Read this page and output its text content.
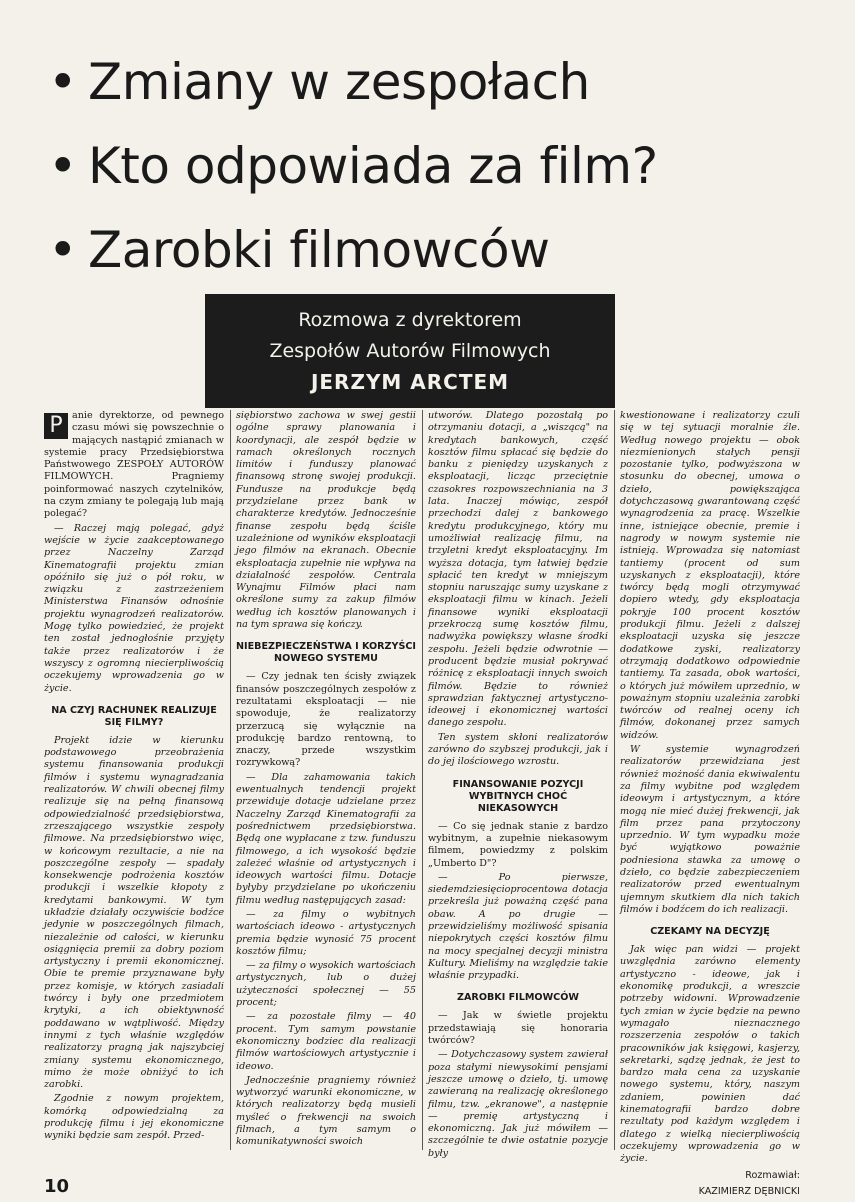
• Zmiany w zespołach
• Kto odpowiada za film?
• Zarobki filmowców
Rozmowa z dyrektorem
Zespołów Autorów Filmowych
JERZYM ARCTEM
P anie dyrektorze, od pewnego czasu mówi się powszechnie o mających nastąpić zmianach w systemie pracy Przedsiębiorstwa Państwowego ZESPOŁY AUTORÓW FILMOWYCH. Pragniemy poinformować naszych czytelników, na czym zmiany te polegają lub mają polegać?

— Raczej mają polegać, gdyż wejście w życie zaakceptowanego przez Naczelny Zarząd Kinematografii projektu zmian opóźniło się już o pół roku, w związku z zastrzeżeniem Ministerstwa Finansów odnośnie projektu wynagrodzeń realizatorów. Mogę tylko powiedzieć, że projekt ten został jednogłośnie przyjęty także przez realizatorów i że wszyscy z ogromną niecierpliwością oczekujemy wprowadzenia go w życie.

NA CZYJ RACHUNEK REALIZUJE SIĘ FILMY?

Projekt idzie w kierunku podstawowego przeobrażenia systemu finansowania produkcji filmów i systemu wynagradzania realizatorów. W chwili obecnej filmy realizuje się na pełną finansową odpowiedzialność przedsiębiorstwa, zrzeszającego wszystkie zespoły filmowe. Na przedsiębiorstwo więc, w końcowym rezultacie, a nie na poszczególne zespoły — spadały konsekwencje podrożenia kosztów produkcji i wszelkie kłopoty z kredytami bankowymi. W tym układzie działały oczywiście bodźce jedynie w poszczególnych filmach, niezależnie od całości, w kierunku osiągnięcia premii za dobry poziom artystyczny i premii ekonomicznej. Obie te premie przyznawane były przez komisje, w których zasiadali twórcy i były one przedmiotem krytyki, a ich obiektywność poddawano w wątpliwość. Między innymi z tych właśnie względów realizatorzy pragną jak najszybciej zmiany systemu ekonomicznego, mimo że może obniżyć to ich zarobki.

Zgodnie z nowym projektem, komórką odpowiedzialną za produkcję filmu i jej ekonomiczne wyniki będzie sam zespół. Przed-

siębiorstwo zachowa w swej gestii ogólne sprawy planowania i koordynacji, ale zespół będzie w ramach określonych rocznych limitów i funduszy planować finansową stronę swojej produkcji. Fundusze na produkcje będą przydzielane przez bank w charakterze kredytów. Jednocześnie finanse zespołu będą ściśle uzależnione od wyników eksploatacji jego filmów na ekranach. Obecnie eksploatacja zupełnie nie wpływa na działalność zespołów. Centrala Wynajmu Filmów płaci nam określone sumy za zakup filmów według ich kosztów planowanych i na tym sprawa się kończy.

NIEBEZPIECZEŃSTWA I KORZYŚCI NOWEGO SYSTEMU

— Czy jednak ten ścisły związek finansów poszczególnych zespołów z rezultatami eksploatacji — nie spowoduje, że realizatorzy przerzucą się wyłącznie na produkcję bardzo rentowną, to znaczy, przede wszystkim rozrywkową?

— Dla zahamowania takich ewentualnych tendencji projekt przewiduje dotacje udzielane przez Naczelny Zarząd Kinematografii za pośrednictwem przedsiębiorstwa. Będą one wypłacane z tzw. funduszu filmowego, a ich wysokość będzie zależeć właśnie od artystycznych i ideowych wartości filmu. Dotacje byłyby przydzielane po ukończeniu filmu według następujących zasad:

— za filmy o wybitnych wartościach ideowo - artystycznych premia będzie wynosić 75 procent kosztów filmu;

— za filmy o wysokich wartościach artystycznych, lub o dużej użyteczności społecznej — 55 procent;

— za pozostałe filmy — 40 procent. Tym samym powstanie ekonomiczny bodziec dla realizacji filmów wartościowych artystycznie i ideowo.

Jednocześnie pragniemy również wytworzyć warunki ekonomiczne, w których realizatorzy będą musieli myśleć o frekwencji na swoich filmach, a tym samym o komunikatywności swoich

utworów. Dlatego pozostałą po otrzymaniu dotacji, a „wiszącą" na kredytach bankowych, część kosztów filmu spłacać się będzie do banku z pieniędzy uzyskanych z eksploatacji, licząc przeciętnie czasokres rozpowszechniania na 3 lata. Inaczej mówiąc, zespół przechodzi dalej z bankowego kredytu produkcyjnego, który mu umożliwiał realizację filmu, na trzyletni kredyt eksploatacyjny. Im wyższa dotacja, tym łatwiej będzie spłacić ten kredyt w mniejszym stopniu naruszając sumy uzyskane z eksploatacji filmu w kinach. Jeżeli finansowe wyniki eksploatacji przekroczą sumę kosztów filmu, nadwyżka powiększy własne środki zespołu. Jeżeli będzie odwrotnie — producent będzie musiał pokrywać różnicę z eksploatacji innych swoich filmów. Będzie to również sprawdzian faktycznej artystyczno-ideowej i ekonomicznej wartości danego zespołu.

Ten system skłoni realizatorów zarówno do szybszej produkcji, jak i do jej ilościowego wzrostu.

FINANSOWANIE POZYCJI WYBITNYCH CHOĆ NIEKASOWYCH

— Co się jednak stanie z bardzo wybitnym, a zupełnie niekasowym filmem, powiedzmy z polskim „Umberto D"?

— Po pierwsze, siedemdziesięcioprocentowa dotacja przekreśla już poważną część pana obaw. A po drugie — przewidzieliśmy możliwość spisania niepokrytych części kosztów filmu na mocy specjalnej decyzji ministra Kultury. Mieliśmy na względzie takie właśnie przypadki.

ZAROBKI FILMOWCÓW

— Jak w świetle projektu przedstawiają się honoraria twórców?

— Dotychczasowy system zawierał poza stałymi niewysokimi pensjami jeszcze umowę o dzieło, tj. umowę zawieraną na realizację określonego filmu, tzw. „ekranowe", a następnie — premię artystyczną i ekonomiczną. Jak już mówiłem — szczególnie te dwie ostatnie pozycje były

kwestionowane i realizatorzy czuli się w tej sytuacji moralnie źle. Według nowego projektu — obok niezmienionych stałych pensji pozostanie tylko, podwyższona w stosunku do obecnej, umowa o dzieło, powiększająca dotychczasową gwarantowaną część wynagrodzenia za pracę. Wszelkie inne, istniejące obecnie, premie i nagrody w nowym systemie nie istnieją. Wprowadza się natomiast tantiemy (procent od sum uzyskanych z eksploatacji), które twórcy będą mogli otrzymywać dopiero wtedy, gdy eksploatacja pokryje 100 procent kosztów produkcji filmu. Jeżeli z dalszej eksploatacji uzyska się jeszcze dodatkowe zyski, realizatorzy otrzymają dodatkowo odpowiednie tantiemy. Ta zasada, obok wartości, o których już mówiłem uprzednio, w poważnym stopniu uzależnia zarobki twórców od realnej oceny ich filmów, dokonanej przez samych widzów.

W systemie wynagrodzeń realizatorów przewidziana jest również możność dania ekwiwalentu za filmy wybitne pod względem ideowym i artystycznym, a które mogą nie mieć dużej frekwencji, jak film przez pana przytoczony uprzednio. W tym wypadku może być wyjątkowo poważnie podniesiona stawka za umowę o dzieło, co będzie zabezpieczeniem realizatorów przed ewentualnym ujemnym skutkiem dla nich takich filmów i bodźcem do ich realizacji.

CZEKAMY NA DECYZJĘ

Jak więc pan widzi — projekt uwzględnia zarówno elementy artystyczno - ideowe, jak i ekonomikę produkcji, a wreszcie potrzeby widowni. Wprowadzenie tych zmian w życie będzie na pewno wymagało nieznacznego rozszerzenia zespołów o takich pracowników jak księgowi, kasjerzy, sekretarki, sądzę jednak, że jest to bardzo mała cena za uzyskanie nowego systemu, który, naszym zdaniem, powinien dać kinematografii bardzo dobre rezultaty pod każdym względem i dlatego z wielką niecierpliwością oczekujemy wprowadzenia go w życie.

Rozmawiał:
KAZIMIERZ DĘBNICKI
10
